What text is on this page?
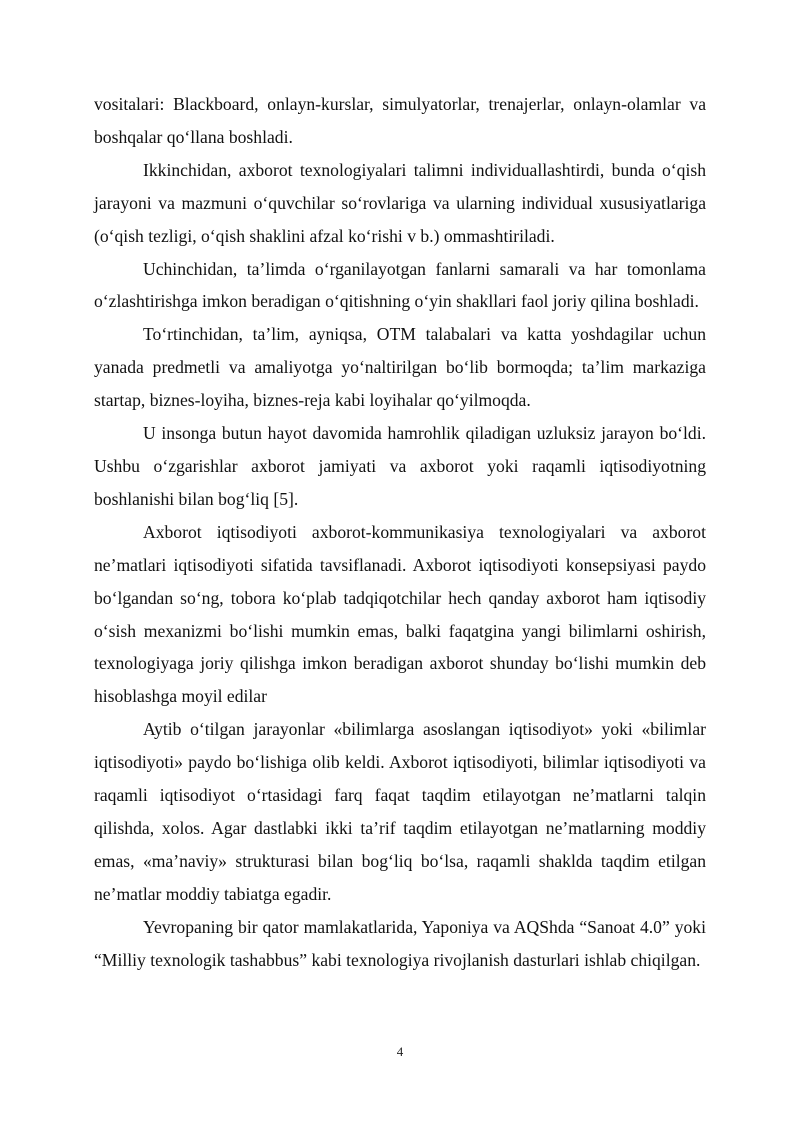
vositalari: Blackboard, onlayn-kurslar, simulyatorlar, trenajerlar, onlayn-olamlar va boshqalar qo‘llana boshladi.

Ikkinchidan, axborot texnologiyalari talimni individuallashtirdi, bunda o‘qish jarayoni va mazmuni o‘quvchilar so‘rovlariga va ularning individual xususiyatlariga (o‘qish tezligi, o‘qish shaklini afzal ko‘rishi v b.) ommashtiriladi.

Uchinchidan, ta’limda o‘rganilayotgan fanlarni samarali va har tomonlama o‘zlashtirishga imkon beradigan o‘qitishning o‘yin shakllari faol joriy qilina boshladi.

To‘rtinchidan, ta’lim, ayniqsa, OTM talabalari va katta yoshdagilar uchun yanada predmetli va amaliyotga yo‘naltirilgan bo‘lib bormoqda; ta’lim markaziga startap, biznes-loyiha, biznes-reja kabi loyihalar qo‘yilmoqda.

U insonga butun hayot davomida hamrohlik qiladigan uzluksiz jarayon bo‘ldi. Ushbu o‘zgarishlar axborot jamiyati va axborot yoki raqamli iqtisodiyotning boshlanishi bilan bog‘liq [5].

Axborot iqtisodiyoti axborot-kommunikasiya texnologiyalari va axborot ne’matlari iqtisodiyoti sifatida tavsiflanadi. Axborot iqtisodiyoti konsepsiyasi paydo bo‘lgandan so‘ng, tobora ko‘plab tadqiqotchilar hech qanday axborot ham iqtisodiy o‘sish mexanizmi bo‘lishi mumkin emas, balki faqatgina yangi bilimlarni oshirish, texnologiyaga joriy qilishga imkon beradigan axborot shunday bo‘lishi mumkin deb hisoblashga moyil edilar

Aytib o‘tilgan jarayonlar «bilimlarga asoslangan iqtisodiyot» yoki «bilimlar iqtisodiyoti» paydo bo‘lishiga olib keldi. Axborot iqtisodiyoti, bilimlar iqtisodiyoti va raqamli iqtisodiyot o‘rtasidagi farq faqat taqdim etilayotgan ne’matlarni talqin qilishda, xolos. Agar dastlabki ikki ta’rif taqdim etilayotgan ne’matlarning moddiy emas, «ma’naviy» strukturasi bilan bog‘liq bo‘lsa, raqamli shaklda taqdim etilgan ne’matlar moddiy tabiatga egadir.

Yevropaning bir qator mamlakatlarida, Yaponiya va AQShda “Sanoat 4.0” yoki “Milliy texnologik tashabbus” kabi texnologiya rivojlanish dasturlari ishlab chiqilgan.

4
